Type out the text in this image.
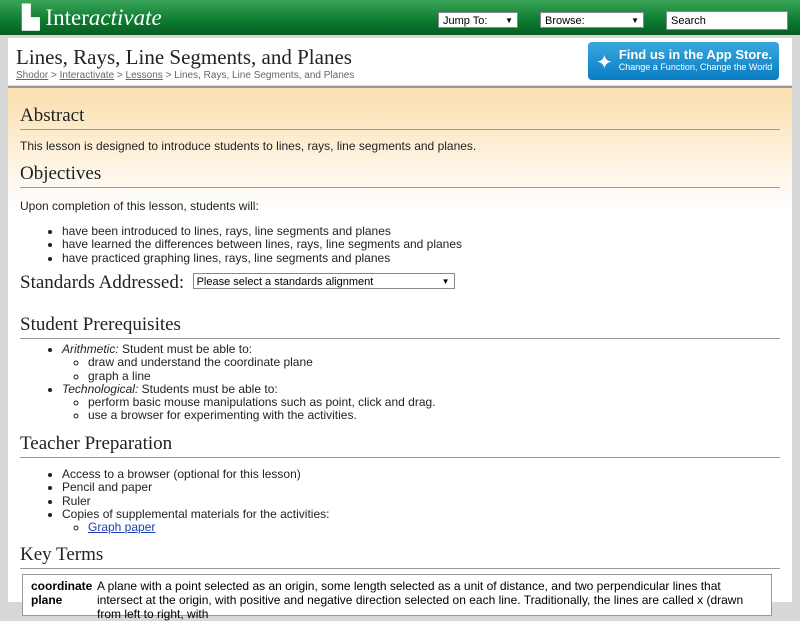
▙ Interactivate	Jump To: ▼	Browse:	▼	Search
Lines, Rays, Line Segments, and Planes
Shodor > Interactivate > Lessons > Lines, Rays, Line Segments, and Planes
✦ Find us in the App Store.
Change a Function, Change the World
Abstract

This lesson is designed to introduce students to lines, rays, line segments and planes.

Objectives

Upon completion of this lesson, students will:

• have been introduced to lines, rays, line segments and planes
• have learned the differences between lines, rays, line segments and planes
• have practiced graphing lines, rays, line segments and planes
Standards Addressed: Please select a standards alignment	▼
Student Prerequisites
• Arithmetic: Student must be able to:
◦ draw and understand the coordinate plane
◦ graph a line
• Technological: Students must be able to:
◦ perform basic mouse manipulations such as point, click and drag.
◦ use a browser for experimenting with the activities.
Teacher Preparation
• Access to a browser (optional for this lesson)
• Pencil and paper
• Ruler
• Copies of supplemental materials for the activities:
◦ Graph paper
Key Terms
coordinate plane
A plane with a point selected as an origin, some length selected as a unit of distance, and two perpendicular lines that intersect at the origin, with positive and negative direction selected on each line. Traditionally, the lines are called x (drawn from left to right, with
